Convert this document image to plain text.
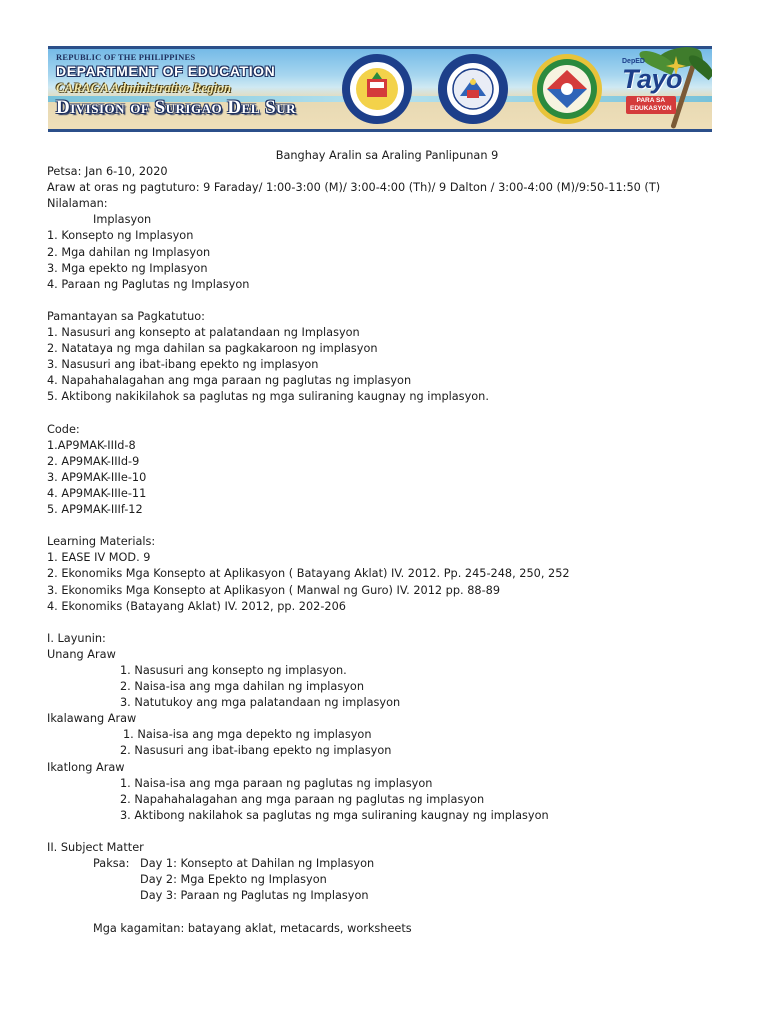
REPUBLIC OF THE PHILIPPINES
DEPARTMENT OF EDUCATION
CARAGA Administrative Region
Division of Surigao Del Sur
DepED
Tayo
PARA SA
EDUKASYON
Banghay Aralin sa Araling Panlipunan 9
Petsa: Jan 6-10, 2020
Araw at oras ng pagtuturo: 9 Faraday/ 1:00-3:00 (M)/ 3:00-4:00 (Th)/ 9 Dalton / 3:00-4:00 (M)/9:50-11:50 (T)
Nilalaman:
Implasyon
1. Konsepto ng Implasyon
2. Mga dahilan ng Implasyon
3. Mga epekto ng Implasyon
4. Paraan ng Paglutas ng Implasyon
Pamantayan sa Pagkatutuo:
1. Nasusuri ang konsepto at palatandaan ng Implasyon
2. Natataya ng mga dahilan sa pagkakaroon ng implasyon
3. Nasusuri ang ibat-ibang epekto ng implasyon
4. Napahahalagahan ang mga paraan ng paglutas ng implasyon
5. Aktibong nakikilahok sa paglutas ng mga suliraning kaugnay ng implasyon.
Code:
1.AP9MAK-IIId-8
2. AP9MAK-IIId-9
3. AP9MAK-IIIe-10
4. AP9MAK-IIIe-11
5. AP9MAK-IIIf-12
Learning Materials:
1. EASE IV MOD. 9
2. Ekonomiks Mga Konsepto at Aplikasyon ( Batayang Aklat) IV. 2012. Pp. 245-248, 250, 252
3. Ekonomiks Mga Konsepto at Aplikasyon ( Manwal ng Guro) IV. 2012 pp. 88-89
4. Ekonomiks (Batayang Aklat) IV. 2012, pp. 202-206
I. Layunin:
Unang Araw
1. Nasusuri ang konsepto ng implasyon.
2. Naisa-isa ang mga dahilan ng implasyon
3. Natutukoy ang mga palatandaan ng implasyon
Ikalawang Araw
1. Naisa-isa ang mga depekto ng implasyon
2. Nasusuri ang ibat-ibang epekto ng implasyon
Ikatlong Araw
1. Naisa-isa ang mga paraan ng paglutas ng implasyon
2. Napahahalagahan ang mga paraan ng paglutas ng implasyon
3. Aktibong nakilahok sa paglutas ng mga suliraning kaugnay ng implasyon
II. Subject Matter
Paksa: Day 1: Konsepto at Dahilan ng Implasyon
Day 2: Mga Epekto ng Implasyon
Day 3: Paraan ng Paglutas ng Implasyon
Mga kagamitan: batayang aklat, metacards, worksheets
